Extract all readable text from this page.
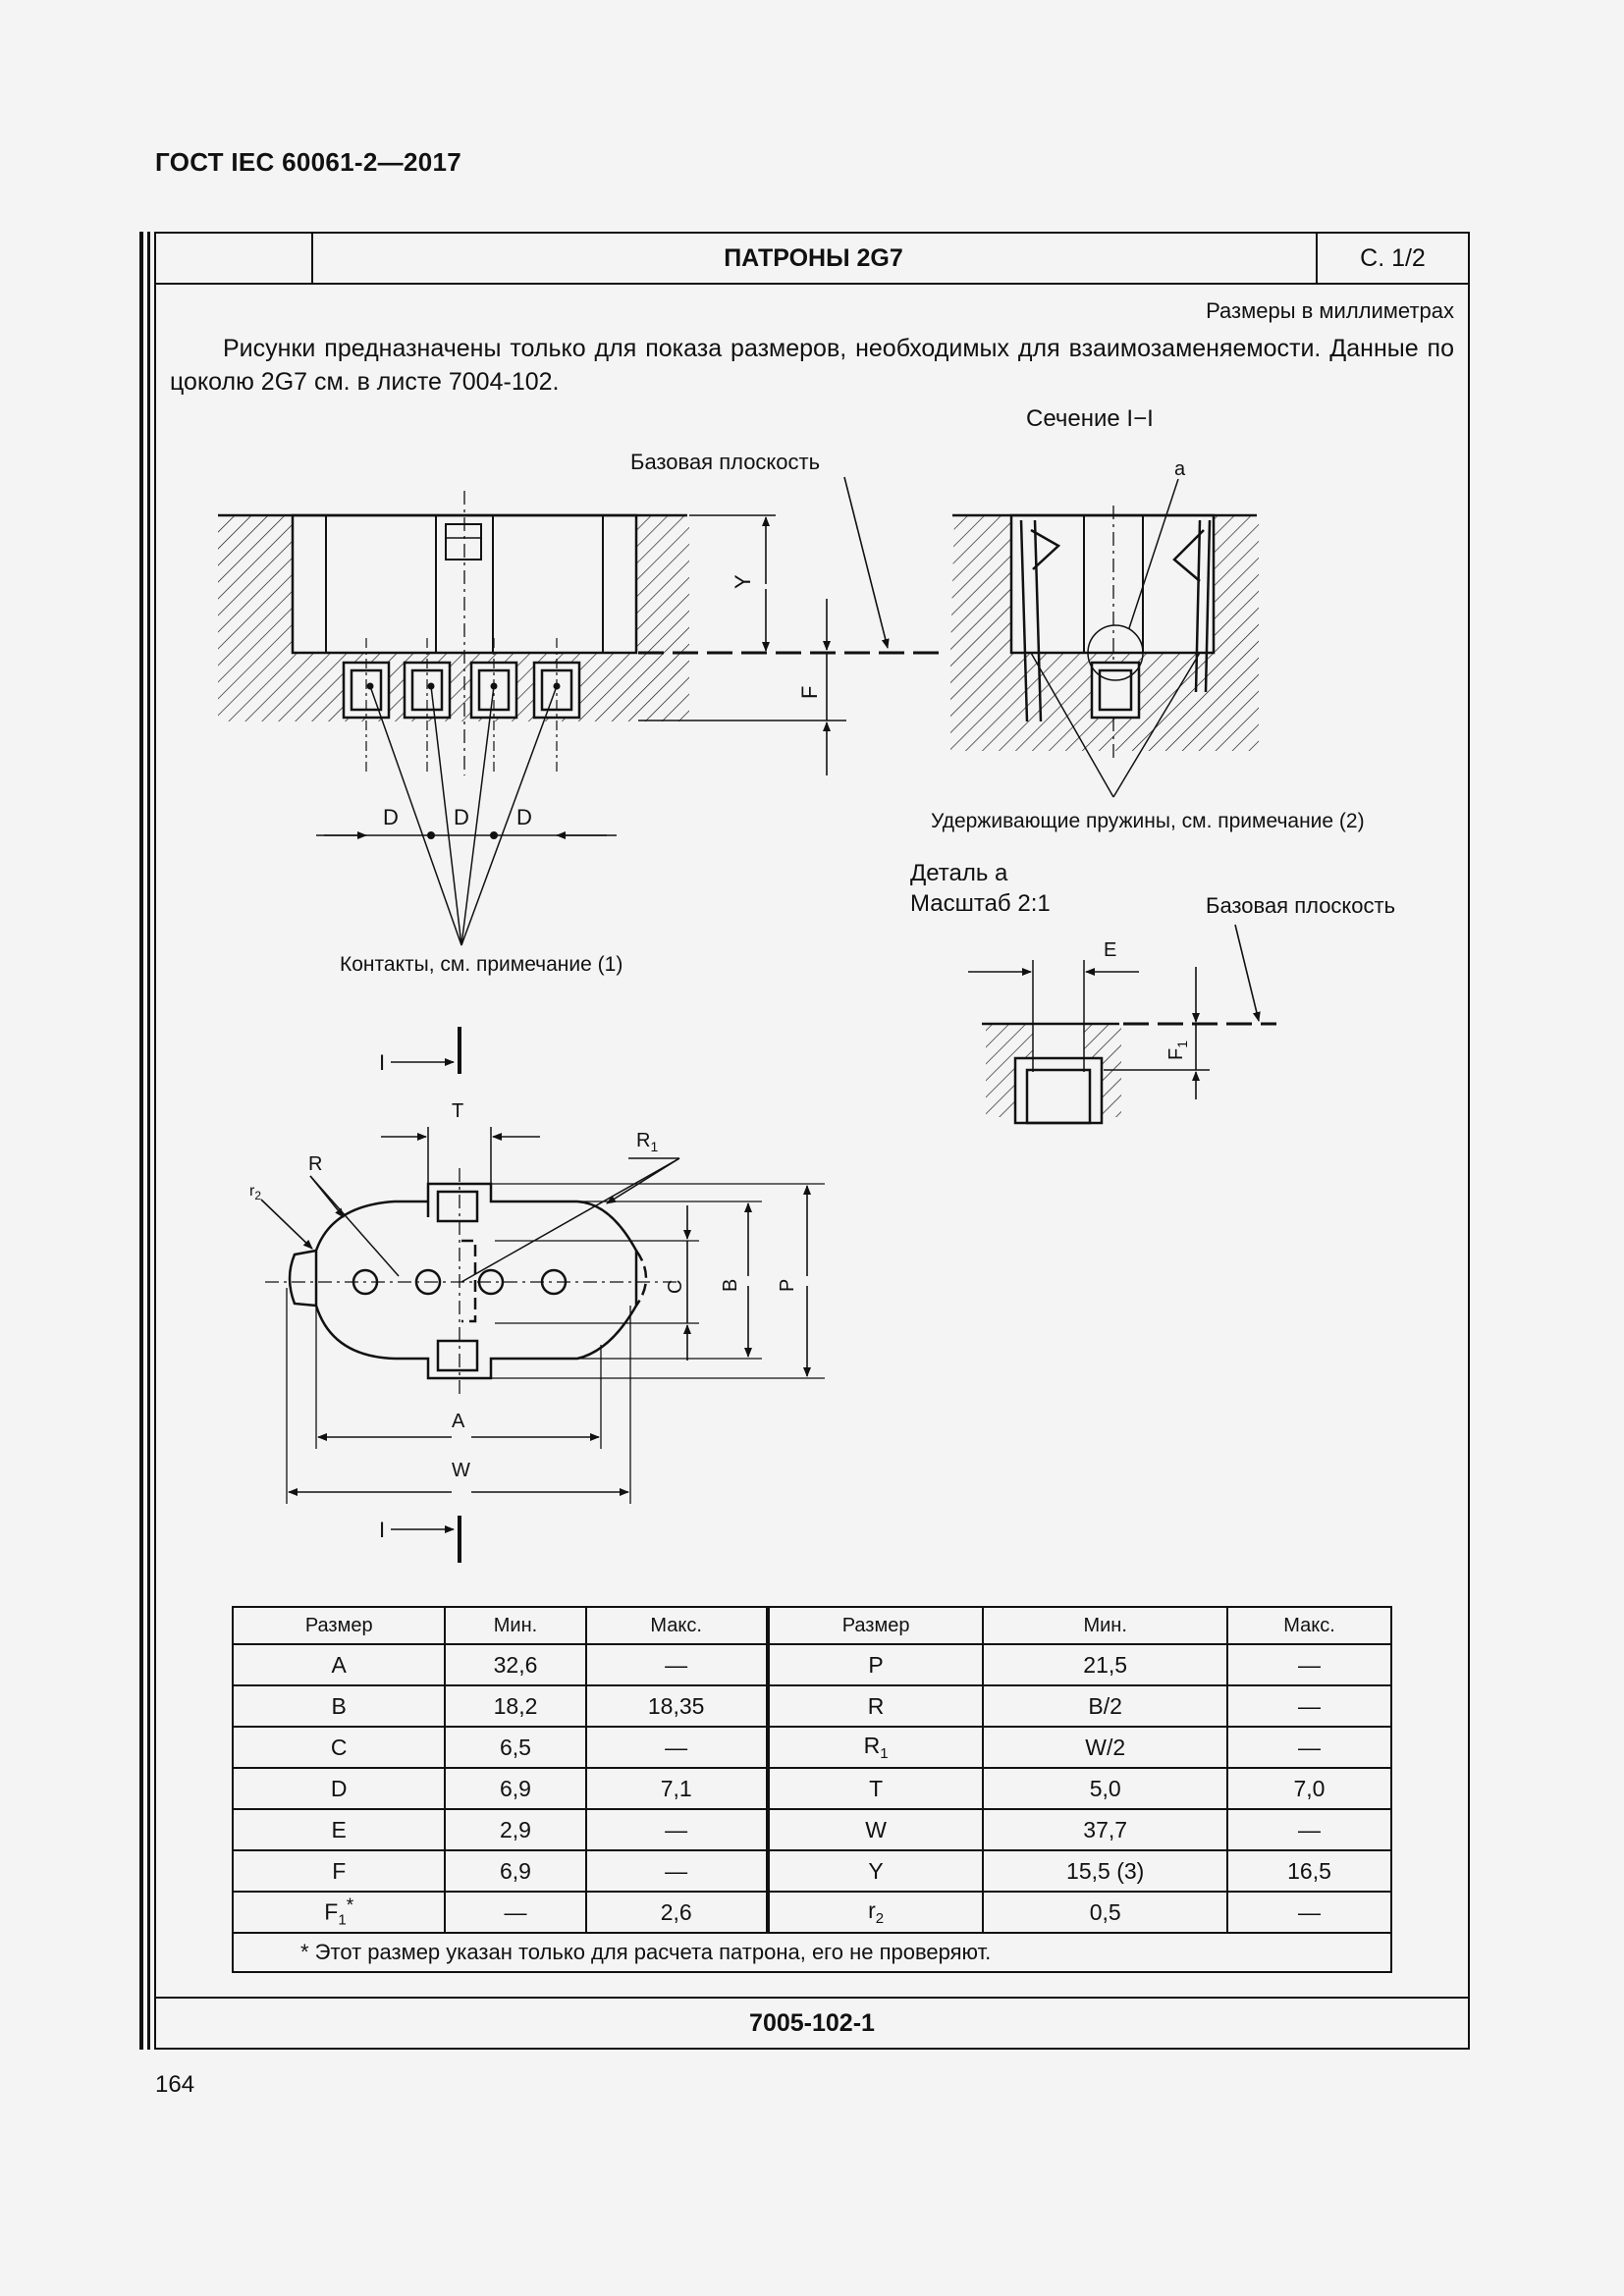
ГОСТ IEC 60061-2—2017
ПАТРОНЫ 2G7	С. 1/2
Размеры в миллиметрах
Рисунки предназначены только для показа размеров, необходимых для взаимозаменяемости. Данные по цоколю 2G7 см. в листе 7004-102.
7005-102-1
Сечение I−I
D	D D
Контакты, см. примечание (1)
Базовая плоскость
Y
F
a
Удерживающие пружины, см. примечание (2)
Деталь a
Масштаб 2:1	Базовая плоскость
E
$F_1$
I
I
T
R
$R_1$
$r_2$
C B P
A
W
Размер	Мин.	Макс.	Размер	Мин.	Макс.
A	32,6	—	P	21,5	—
B	18,2	18,35	R	B/2	—
C	6,5	—	$R_1$	W/2	—
D	6,9	7,1	T	5,0	7,0
E	2,9	—	W	37,7	—
F	6,9	—	Y	15,5 (3)	16,5
$F_1^*$	—	2,6	$r_2$	0,5	—
* Этот размер указан только для расчета патрона, его не проверяют.					
164
